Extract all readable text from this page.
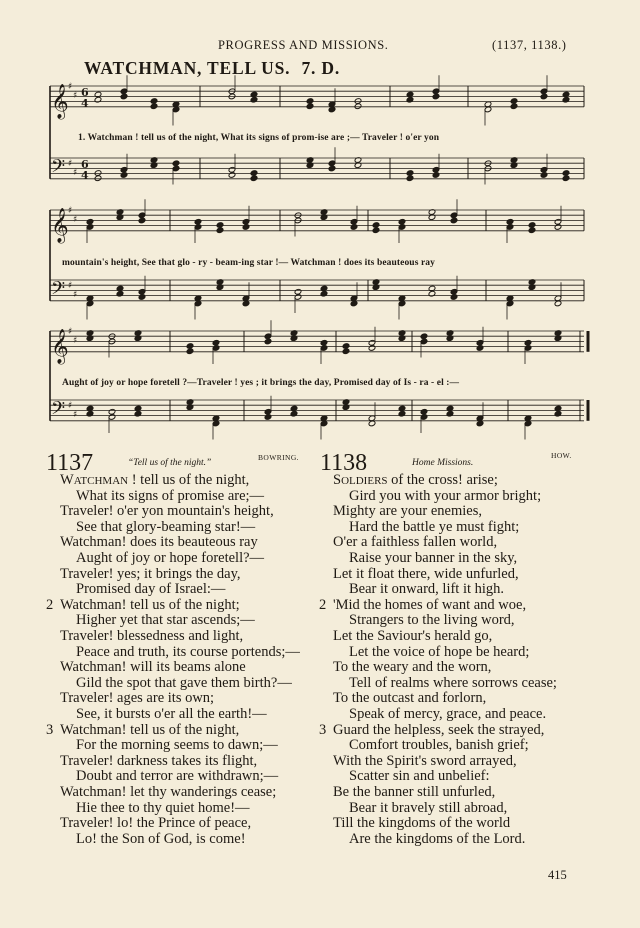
PROGRESS AND MISSIONS.	(1137, 1138.)
WATCHMAN, TELL US. 7. D.
𝄞 ♯
♯ 6
4
𝄢 ♯
♯
6
4
𝄞 ♯
♯
𝄢 ♯
♯
𝄞 ♯
♯
𝄢 ♯
♯
1. Watchman ! tell us of the night, What its signs of prom-ise are ;— Traveler ! o'er yon
mountain's height, See that glo - ry - beam-ing star !— Watchman ! does its beauteous ray
Aught of joy or hope foretell ?—Traveler ! yes ; it brings the day, Promised day of Is - ra - el :—
1137	“Tell us of the night.”
BOWRING.
WATCHMAN ! tell us of the night,
What its signs of promise are;—
Traveler! o'er yon mountain's height,
See that glory-beaming star!—
Watchman! does its beauteous ray
Aught of joy or hope foretell?—
Traveler! yes; it brings the day,
Promised day of Israel:—
2 Watchman! tell us of the night;
Higher yet that star ascends;—
Traveler! blessedness and light,
Peace and truth, its course portends;—
Watchman! will its beams alone
Gild the spot that gave them birth?—
Traveler! ages are its own;
See, it bursts o'er all the earth!—
3 Watchman! tell us of the night,
For the morning seems to dawn;—
Traveler! darkness takes its flight,
Doubt and terror are withdrawn;—
Watchman! let thy wanderings cease;
Hie thee to thy quiet home!—
Traveler! lo! the Prince of peace,
Lo! the Son of God, is come!
1138	Home Missions.
HOW.
SOLDIERS of the cross! arise;
Gird you with your armor bright;
Mighty are your enemies,
Hard the battle ye must fight;
O'er a faithless fallen world,
Raise your banner in the sky,
Let it float there, wide unfurled,
Bear it onward, lift it high.
2 'Mid the homes of want and woe,
Strangers to the living word,
Let the Saviour's herald go,
Let the voice of hope be heard;
To the weary and the worn,
Tell of realms where sorrows cease;
To the outcast and forlorn,
Speak of mercy, grace, and peace.
3 Guard the helpless, seek the strayed,
Comfort troubles, banish grief;
With the Spirit's sword arrayed,
Scatter sin and unbelief:
Be the banner still unfurled,
Bear it bravely still abroad,
Till the kingdoms of the world
Are the kingdoms of the Lord.
415
